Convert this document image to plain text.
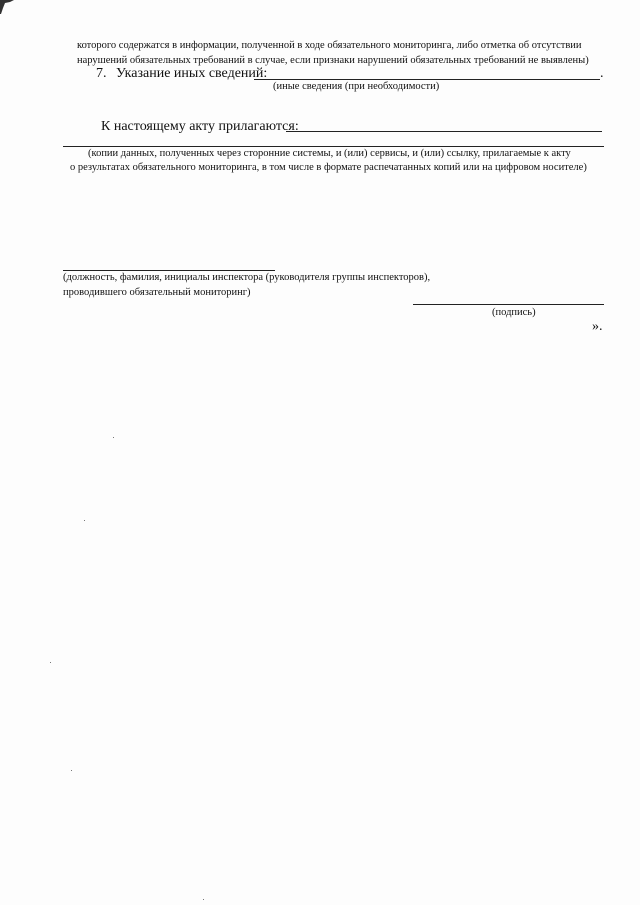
которого содержатся в информации, полученной в ходе обязательного мониторинга, либо отметка об отсутствии
нарушений обязательных требований в случае, если признаки нарушений обязательных требований не выявлены)
7. Указание иных сведений:	.
(иные сведения (при необходимости)
К настоящему акту прилагаются:
(копии данных, полученных через сторонние системы, и (или) сервисы, и (или) ссылку, прилагаемые к акту
о результатах обязательного мониторинга, в том числе в формате распечатанных копий или на цифровом носителе)
(должность, фамилия, инициалы инспектора (руководителя группы инспекторов),
проводившего обязательный мониторинг)
(подпись)
».
